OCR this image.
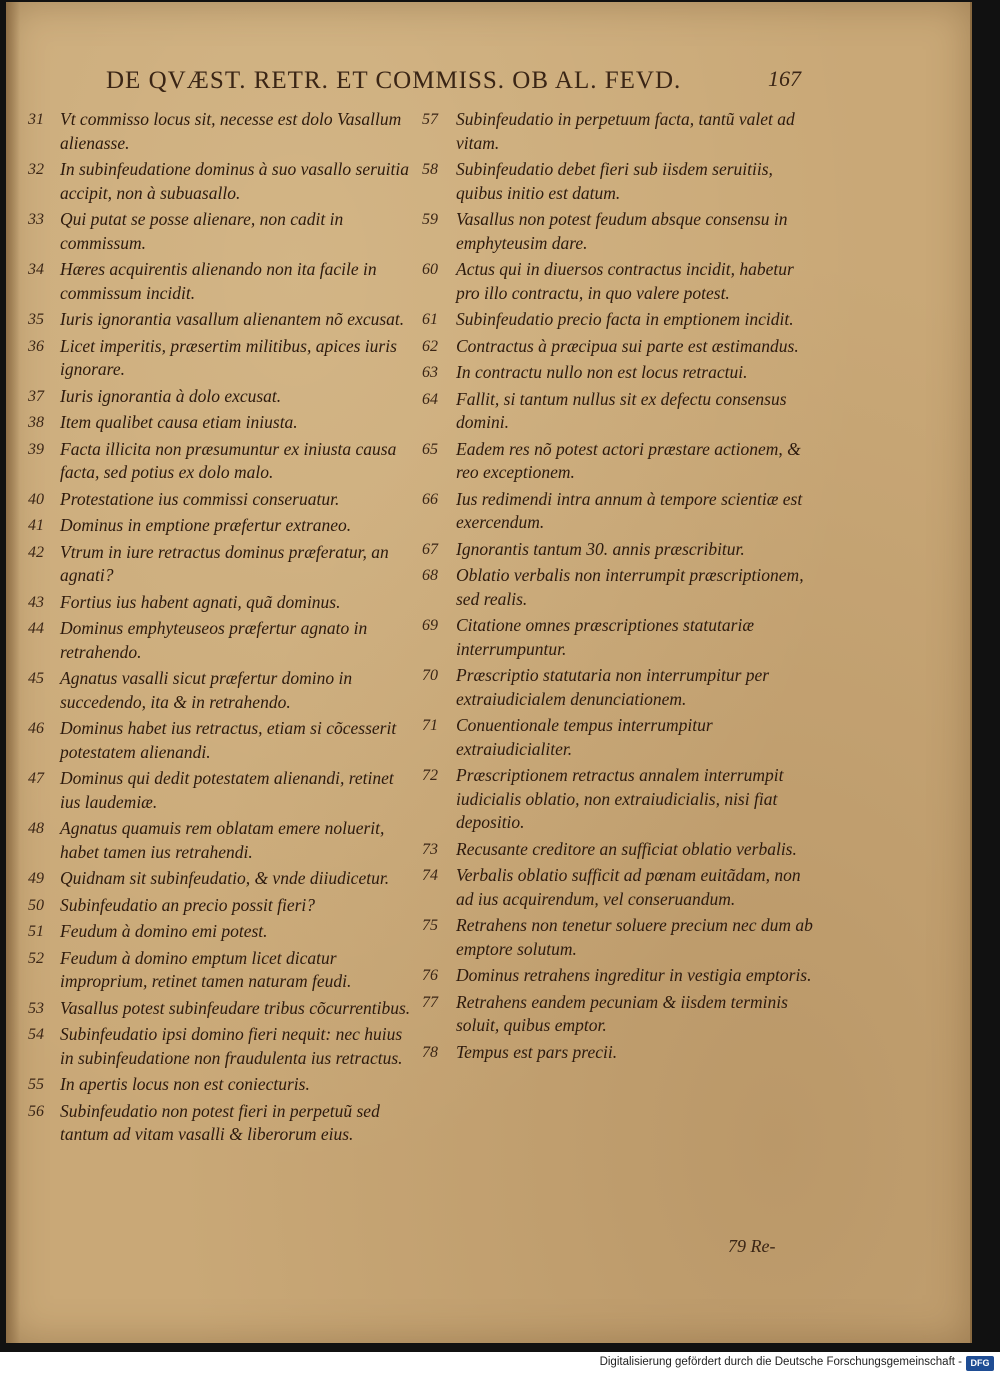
DE QVÆST. RETR. ET COMMISS. OB AL. FEVD.	167
31 Vt commisso locus sit, necesse est dolo Vasallum alienasse.
32 In subinfeudatione dominus à suo vasallo seruitia accipit, non à subuasallo.
33 Qui putat se posse alienare, non cadit in commissum.
34 Hæres acquirentis alienando non ita facile in commissum incidit.
35 Iuris ignorantia vasallum alienantem nõ excusat.
36 Licet imperitis, præsertim militibus, apices iuris ignorare.
37 Iuris ignorantia à dolo excusat.
38 Item qualibet causa etiam iniusta.
39 Facta illicita non præsumuntur ex iniusta causa facta, sed potius ex dolo malo.
40 Protestatione ius commissi conseruatur.
41 Dominus in emptione præfertur extraneo.
42 Vtrum in iure retractus dominus præferatur, an agnati?
43 Fortius ius habent agnati, quã dominus.
44 Dominus emphyteuseos præfertur agnato in retrahendo.
45 Agnatus vasalli sicut præfertur domino in succedendo, ita & in retrahendo.
46 Dominus habet ius retractus, etiam si cõcesserit potestatem alienandi.
47 Dominus qui dedit potestatem alienandi, retinet ius laudemiæ.
48 Agnatus quamuis rem oblatam emere noluerit, habet tamen ius retrahendi.
49 Quidnam sit subinfeudatio, & vnde diiudicetur.
50 Subinfeudatio an precio possit fieri?
51 Feudum à domino emi potest.
52 Feudum à domino emptum licet dicatur improprium, retinet tamen naturam feudi.
53 Vasallus potest subinfeudare tribus cõcurrentibus.
54 Subinfeudatio ipsi domino fieri nequit: nec huius in subinfeudatione non fraudulenta ius retractus.
55 In apertis locus non est coniecturis.
56 Subinfeudatio non potest fieri in perpetuũ sed tantum ad vitam vasalli & liberorum eius.
57	Subinfeudatio in perpetuum facta, tantũ valet ad vitam.
58	Subinfeudatio debet fieri sub iisdem seruitiis, quibus initio est datum.
59	Vasallus non potest feudum absque consensu in emphyteusim dare.
60	Actus qui in diuersos contractus incidit, habetur pro illo contractu, in quo valere potest.
61	Subinfeudatio precio facta in emptionem incidit.
62	Contractus à præcipua sui parte est æstimandus.
63	In contractu nullo non est locus retractui.
64	Fallit, si tantum nullus sit ex defectu consensus domini.
65	Eadem res nõ potest actori præstare actionem, & reo exceptionem.
66	Ius redimendi intra annum à tempore scientiæ est exercendum.
67	Ignorantis tantum 30. annis præscribitur.
68	Oblatio verbalis non interrumpit præscriptionem, sed realis.
69	Citatione omnes præscriptiones statutariæ interrumpuntur.
70	Præscriptio statutaria non interrumpitur per extraiudicialem denunciationem.
71	Conuentionale tempus interrumpitur extraiudicialiter.
72	Præscriptionem retractus annalem interrumpit iudicialis oblatio, non extraiudicialis, nisi fiat depositio.
73	Recusante creditore an sufficiat oblatio verbalis.
74	Verbalis oblatio sufficit ad pœnam euitãdam, non ad ius acquirendum, vel conseruandum.
75	Retrahens non tenetur soluere precium nec dum ab emptore solutum.
76	Dominus retrahens ingreditur in vestigia emptoris.
77	Retrahens eandem pecuniam & iisdem terminis soluit, quibus emptor.
78	Tempus est pars precii.
79 Re-
Digitalisierung gefördert durch die Deutsche Forschungsgemeinschaft - DFG
